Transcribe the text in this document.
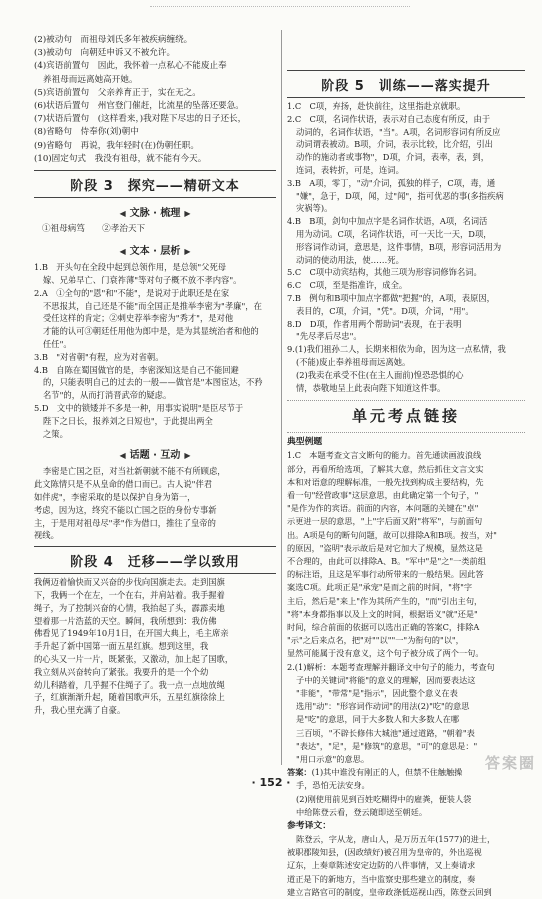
(2)被动句　而祖母刘氏多年被疾病缠绕。
(3)被动句　向朝廷申诉又不被允许。
(4)宾语前置句　因此，我怀着一点私心不能废止奉
养祖母而远离她高开她。
(5)宾语前置句　父亲养育正于，实在无之。
(6)状语后置句　州官登门催赶，比流星的坠落还要急。
(7)状语后置句　(这样看来，)我对陛下尽忠的日子还长，
(8)省略句　侍奉你(刘)朝中
(9)省略句　再说，我年轻时(在)伪朝任职。
(10)固定句式　我没有祖母，就不能有今天。
阶段 3　探究——精研文本
◀ 文脉 · 梳理 ▶
①祖母病笃　　②孝治天下
◀ 文本 · 层析 ▶
1.B　开头句在全段中起到总领作用，是总领"父死母
嫁、兄弟早亡、门衰祚薄"等对句子概不放不孝内容"。
2.A　①全句的"恩"和"不能"，是说对于此职还是在家
不思报其，自己还是不能"而全国正是推举李密为"孝廉"，在
受任这样的肯定；②刺史荐举李密为"秀才"，是对他
才能的认可③朝廷任用他为郎中是，是为其显统治者和他的
任任"。
3.B　"对省朝"有程，应为对省朝。
4.B　自陈在蜀国做官的是，李密深知这是自己不能回避
的，只能表明自己的过去的一般——做官是"本图宦达，不矜
名节"的，从而打消晋武帝的疑虑。
5.D　文中的锁矮并不多是一种，用事实说明"是臣尽节于
陛下之日长，报养刘之日短也"，于此提出两全
之策。
◀ 话题 · 互动 ▶
李密是亡国之臣，对当社新朝就不能不有所顾虑，
此文陈情只是不从皇命的借口而已。古人说"伴君
如伴虎"，李密采取的是以保护自身为第一，
考虑，因为这，终究不能以亡国之臣的身份专事新
主，于是用对祖母尽"孝"作为借口，推往了皇帝的
视线。
阶段 4　迁移——学以致用
我俩迈着愉快而又兴奋的步伐向国旗走去。走到国旗
下，我俩一个在左，一个在右，并肩站着。我手握着
绳子，为了控制兴奋的心情，我抬起了头，霹霹卖地
望着那一片浩蓝的天空。瞬间，我所想到：我仿佛
佛看见了1949年10月1日，在开国大典上，毛主席亲
手升起了新中国第一面五星红旗。想到这里，我
的心头又一片一片，既紧张，又激动，加上起了国歌，
我立刻从兴奋转向了紧张。我要升的是一个个幼
幼儿科踏着，几乎握不住绳子了。我一点一点地放绳
子，红旗渐渐升起，随着国歌声乐，五星红旗徐徐上
升，我心里充满了自豪。
阶段 5　训练——落实提升
1.C　C项，弃扬，赴快前往，这里指赴京就职。
2.C　C项，名词作状语，表示对自己态度有所反，由于
动词的，名词作状语，"当"。A项，名词形容词有所反应
动词谓表被动。B项，介词，表示比较，比介绍，引出
动作的施动者或事物"，D项，介词，表率，表，到，
连词，表转折，可是，连词。
3.B　A项，零丁，"动"介词，孤独的样子，C项，毒，通
"嫌"，急于，D项，闻，过"闻"，指可优恶的事(多指疾病
灾祸等)。
4.B　B项，剑句中加点字是名词作状语，A项，名词活
用为动词。C项，名词作状语，可一天比一天，D项，
形容词作动词，意思是，这件事情，B项，形容词活用为
动词的使动用法，使……死。
5.C　C项中动宾结构，其他三项为形容词修饰名词。
6.C　C项，至是指准许，成全。
7.B　例句和B项中加点字都做"把握"的，A项，表原因，
表目的，C项，介词，"凭"。D项，介词，"用"。
8.D　D项，作者用两个帮助词"表现，在于表明
"先尽孝后尽忠"。
9.(1)我们祖孙二人，长期来相依为命，因为这一点私情，我
(不能)废止奉养祖母而远离她。
(2)我卖在承受不住(在主人面前)惶恐恐惧的心
情，恭敬地呈上此表向陛下知道这件事。
单元考点链接
典型例题
1.C　本题考查文言文断句的能力。首先通读画波浪线
部分，再看所给选项，了解其大意，然后抓住文言文实
本和对语意的理解标准，一般先找到构成主要结构，先
看一句"经营政事"这层意思，由此确定第一个句子，"
"是作为作的宾语。前面的内容，本问题的关键在"卓"
示更进一层的意思，"上"字后面又附"将军"，与前面句
出。A项是句的断句问题，故可以排除A和B项。按当，对"
的原因，"盗明"表示故后是对它加大了规模，显然这是
不合理的，由此可以排除A、B。"军中"是"之"一类前组
的标注语，且这是军事行动所带来的一般结果。因此答
案选C项。此项正是"承宠"是而之前的时间，"将"字
主后，然后是"来上"作为其所产生的，"而"引出主句，
"将"本身都指事以及上文的时间，根据语义"就"还是"
时间，综合前面的依据可以选出正确的答案C，排除A
"示"之后来点名，把"对""以""一"为衔句的"以"，
显然可能属于没有意义，这个句子被分成了两个一句。
2.(1)解析：本题考查理解并翻译文中句子的能力，考查句
子中的关键词"将能"的意义的理解，因而要表达这
"非能"，"带常"是"指示"，因此整个意义在表
选用"动"："形容词作动词"的用法(2)"吃"的意思
是"吃"的意思，同于大多数人和大多数人在哪
三百顷，"不辟长修伟大城池"通过道路，"朝着"表
"表达"，"足"，是"修筑"的意思，"可"的意思是："
"用口示意"的意思。
答案：(1)其中谁没有刚正的人，但禁不住触触操
手，恐怕无法安身。
(2)刚使用前见到百姓吃糊得中的雇粪，便装人袋
中给陈登云看，登云随即送至朝廷。
参考译文：
陈登云，字从龙，唐山人，是万历五年(1577)的进士，
被职郡陵知县，(因政绩好)被召用为皇帝的，外出巡视
辽东，上奏章陈述安定边防的八件事情，又上奏请求
道正是下的新地方，当中监察史那些建立的制度，奏
建立言路官可的制度，皇帝政涤低巡视山西，陈登云回到
· 152 ·
答案圈
